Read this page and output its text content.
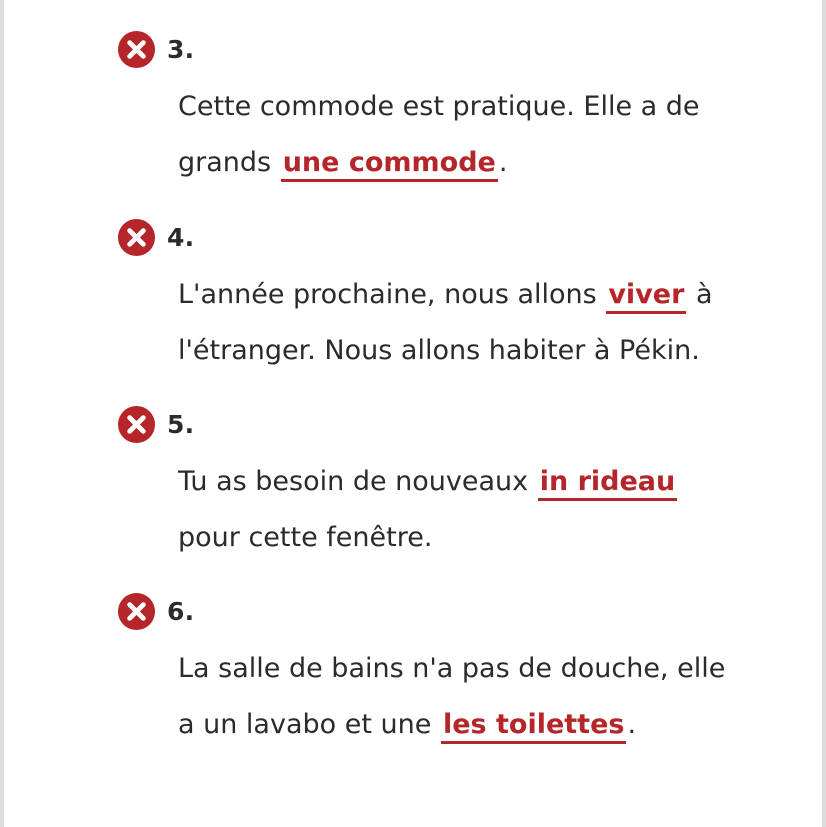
3.
Cette commode est pratique. Elle a de grands une commode .
4.
L'année prochaine, nous allons viver à l'étranger. Nous allons habiter à Pékin.
5.
Tu as besoin de nouveaux in rideau pour cette fenêtre.
6.
La salle de bains n'a pas de douche, elle a un lavabo et une les toilettes .
